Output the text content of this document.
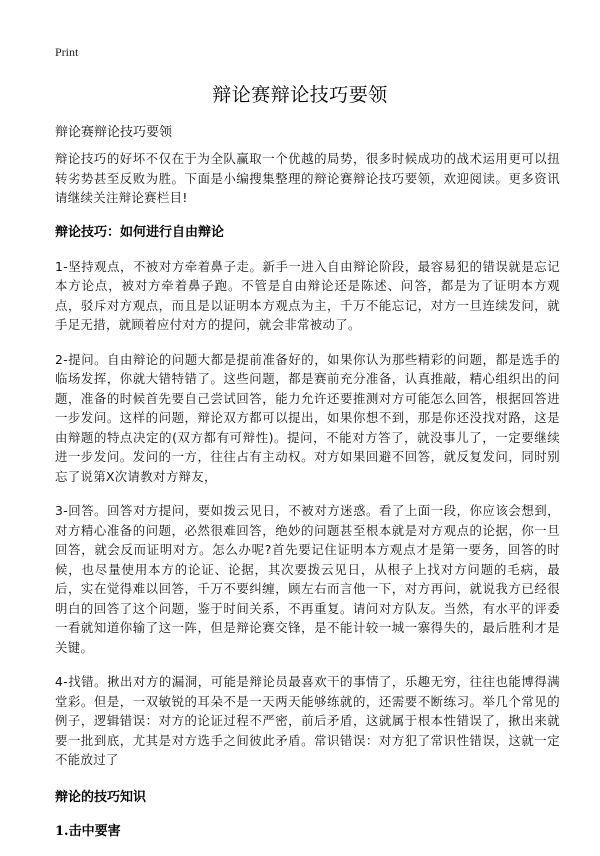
Print
辩论赛辩论技巧要领
辩论赛辩论技巧要领

辩论技巧的好坏不仅在于为全队赢取一个优越的局势，很多时候成功的战术运用更可以扭转劣势甚至反败为胜。下面是小编搜集整理的辩论赛辩论技巧要领，欢迎阅读。更多资讯请继续关注辩论赛栏目!

辩论技巧：如何进行自由辩论

1-坚持观点，不被对方牵着鼻子走。新手一进入自由辩论阶段，最容易犯的错误就是忘记本方论点，被对方牵着鼻子跑。不管是自由辩论还是陈述、问答，都是为了证明本方观点，驳斥对方观点，而且是以证明本方观点为主，千万不能忘记，对方一旦连续发问，就手足无措，就顾着应付对方的提问，就会非常被动了。

2-提问。自由辩论的问题大都是提前准备好的，如果你认为那些精彩的问题，都是选手的临场发挥，你就大错特错了。这些问题，都是赛前充分准备，认真推敲，精心组织出的问题，准备的时候首先要自己尝试回答，能力允许还要推测对方可能怎么回答，根据回答进一步发问。这样的问题，辩论双方都可以提出，如果你想不到，那是你还没找对路，这是由辩题的特点决定的(双方都有可辩性)。提问，不能对方答了，就没事儿了，一定要继续进一步发问。发问的一方，往往占有主动权。对方如果回避不回答，就反复发问，同时别忘了说第X次请教对方辩友，

3-回答。回答对方提问，要如拨云见日，不被对方迷惑。看了上面一段，你应该会想到，对方精心准备的问题，必然很难回答，绝妙的问题甚至根本就是对方观点的论据，你一旦回答，就会反而证明对方。怎么办呢?首先要记住证明本方观点才是第一要务，回答的时候，也尽量使用本方的论证、论据，其次要拨云见日，从根子上找对方问题的毛病，最后，实在觉得难以回答，千万不要纠缠，顾左右而言他一下，对方再问，就说我方已经很明白的回答了这个问题，鉴于时间关系，不再重复。请问对方队友。当然，有水平的评委一看就知道你输了这一阵，但是辩论赛交锋，是不能计较一城一寨得失的，最后胜利才是关键。

4-找错。揪出对方的漏洞，可能是辩论员最喜欢干的事情了，乐趣无穷，往往也能博得满堂彩。但是，一双敏锐的耳朵不是一天两天能够练就的，还需要不断练习。举几个常见的例子，逻辑错误：对方的论证过程不严密，前后矛盾，这就属于根本性错误了，揪出来就要一批到底，尤其是对方选手之间彼此矛盾。常识错误：对方犯了常识性错误，这就一定不能放过了

辩论的技巧知识
1.击中要害
